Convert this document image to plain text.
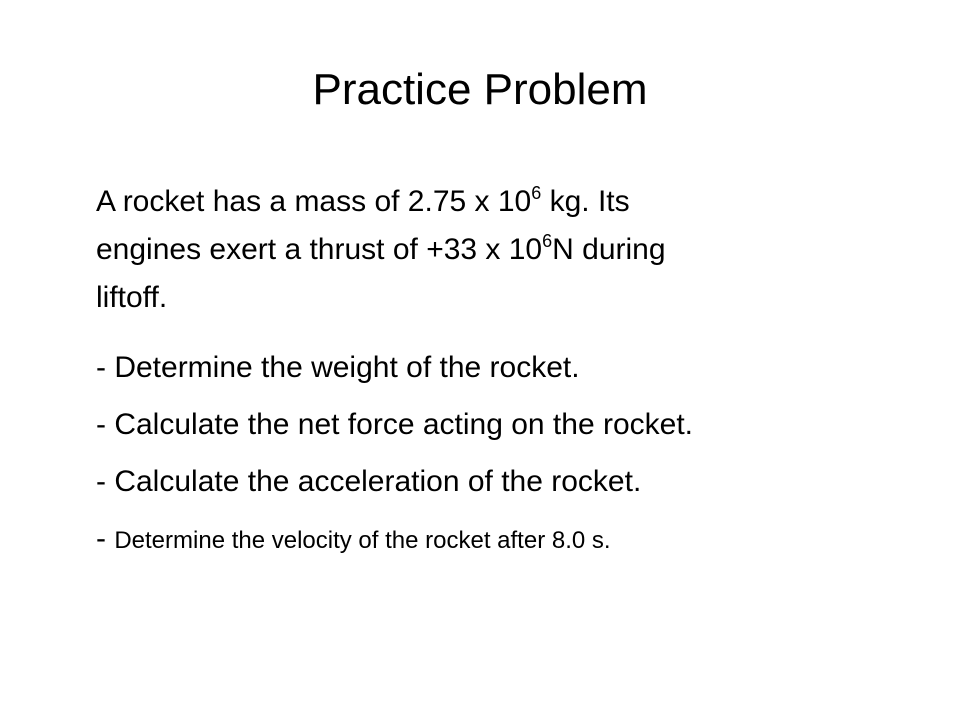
Practice Problem

A rocket has a mass of 2.75 x $10^6$ kg. Its
engines exert a thrust of +33 x $10^6N$ during
liftoff.

- Determine the weight of the rocket.

- Calculate the net force acting on the rocket.

- Calculate the acceleration of the rocket.

- Determine the velocity of the rocket after 8.0 s.
